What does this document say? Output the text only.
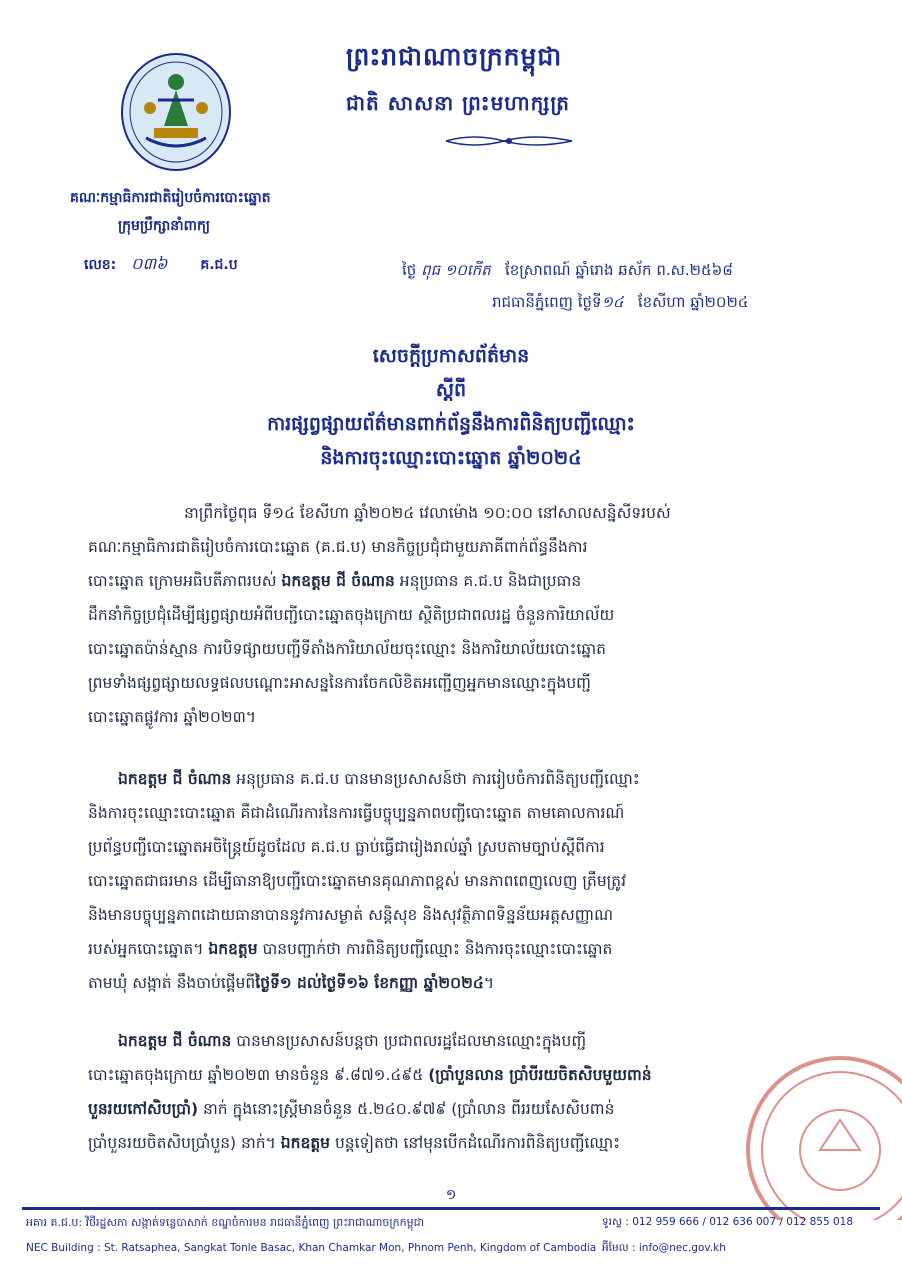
ព្រះរាជាណាចក្រកម្ពុជា
ជាតិ សាសនា ព្រះមហាក្សត្រ
គណៈកម្មាធិការជាតិរៀបចំការបោះឆ្នោត
ក្រុមប្រឹក្សានាំពាក្យ
លេខ: ០៣៦ គ.ជ.ប	ថ្ងៃ ពុធ ១០កើត ខែស្រាពណ៍ ឆ្នាំរោង ឆស័ក ព.ស.២៥៦៨
រាជធានីភ្នំពេញ ថ្ងៃទី១៤ ខែសីហា ឆ្នាំ២០២៤
សេចក្តីប្រកាសព័ត៌មាន
ស្តីពី
ការផ្សព្វផ្សាយព័ត៌មានពាក់ព័ន្ធនឹងការពិនិត្យបញ្ជីឈ្មោះ
និងការចុះឈ្មោះបោះឆ្នោត ឆ្នាំ២០២៤
នាព្រឹកថ្ងៃពុធ ទី១៤ ខែសីហា ឆ្នាំ២០២៤ វេលាម៉ោង ១០:០០ នៅសាលសន្និសីទរបស់
គណៈកម្មាធិការជាតិរៀបចំការបោះឆ្នោត (គ.ជ.ប) មានកិច្ចប្រជុំជាមួយភាគីពាក់ព័ន្ធនឹងការ
បោះឆ្នោត ក្រោមអធិបតីភាពរបស់ ឯកឧត្តម ជី ចំណាន អនុប្រធាន គ.ជ.ប និងជាប្រធាន
ដឹកនាំកិច្ចប្រជុំដើម្បីផ្សព្វផ្សាយអំពីបញ្ជីបោះឆ្នោតចុងក្រោយ ស្ថិតិប្រជាពលរដ្ឋ ចំនួនការិយាល័យ
បោះឆ្នោតប៉ាន់ស្មាន ការបិទផ្សាយបញ្ជីទីតាំងការិយាល័យចុះឈ្មោះ និងការិយាល័យបោះឆ្នោត
ព្រមទាំងផ្សព្វផ្សាយលទ្ធផលបណ្ដោះអាសន្ននៃការចែកលិខិតអញ្ជើញអ្នកមានឈ្មោះក្នុងបញ្ជី
បោះឆ្នោតផ្លូវការ ឆ្នាំ២០២៣។
ឯកឧត្តម ជី ចំណាន អនុប្រធាន គ.ជ.ប បានមានប្រសាសន៍ថា ការរៀបចំការពិនិត្យបញ្ជីឈ្មោះ
និងការចុះឈ្មោះបោះឆ្នោត គឺជាដំណើរការនៃការធ្វើបច្ចុប្បន្នភាពបញ្ជីបោះឆ្នោត តាមគោលការណ៍
ប្រព័ន្ធបញ្ជីបោះឆ្នោតអចិន្ត្រៃយ៍ដូចដែល គ.ជ.ប ធ្លាប់ធ្វើជារៀងរាល់ឆ្នាំ ស្របតាមច្បាប់ស្តីពីការ
បោះឆ្នោតជាធរមាន ដើម្បីធានាឱ្យបញ្ជីបោះឆ្នោតមានគុណភាពខ្ពស់ មានភាពពេញលេញ ត្រឹមត្រូវ
និងមានបច្ចុប្បន្នភាពដោយធានាបាននូវការសម្ងាត់ សន្តិសុខ និងសុវត្ថិភាពទិន្នន័យអត្តសញ្ញាណ
របស់អ្នកបោះឆ្នោត។ ឯកឧត្តម បានបញ្ជាក់ថា ការពិនិត្យបញ្ជីឈ្មោះ និងការចុះឈ្មោះបោះឆ្នោត
តាមឃុំ សង្កាត់ នឹងចាប់ផ្តើមពីថ្ងៃទី១ ដល់ថ្ងៃទី១៦ ខែកញ្ញា ឆ្នាំ២០២៤។
ឯកឧត្តម ជី ចំណាន បានមានប្រសាសន៍បន្តថា ប្រជាពលរដ្ឋដែលមានឈ្មោះក្នុងបញ្ជី
បោះឆ្នោតចុងក្រោយ ឆ្នាំ២០២៣ មានចំនួន ៩.៨៧១.៤៩៥ (ប្រាំបួនលាន ប្រាំបីរយចិតសិបមួយពាន់
បួនរយកៅសិបប្រាំ) នាក់ ក្នុងនោះស្ត្រីមានចំនួន ៥.២៤០.៩៧៩ (ប្រាំលាន ពីររយសែសិបពាន់
ប្រាំបួនរយចិតសិបប្រាំបួន) នាក់។ ឯកឧត្តម បន្តទៀតថា នៅមុនបើកដំណើរការពិនិត្យបញ្ជីឈ្មោះ
១
អគារ គ.ជ.ប: វិថីរដ្ឋសភា សង្កាត់ទន្លេបាសាក់ ខណ្ឌចំការមន រាជធានីភ្នំពេញ ព្រះរាជាណាចក្រកម្ពុជា
NEC Building : St. Ratsaphea, Sangkat Tonle Basac, Khan Chamkar Mon, Phnom Penh, Kingdom of Cambodia
ទូរស្ទ : 012 959 666 / 012 636 007 / 012 855 018
អ៊ីមែល : info@nec.gov.kh
